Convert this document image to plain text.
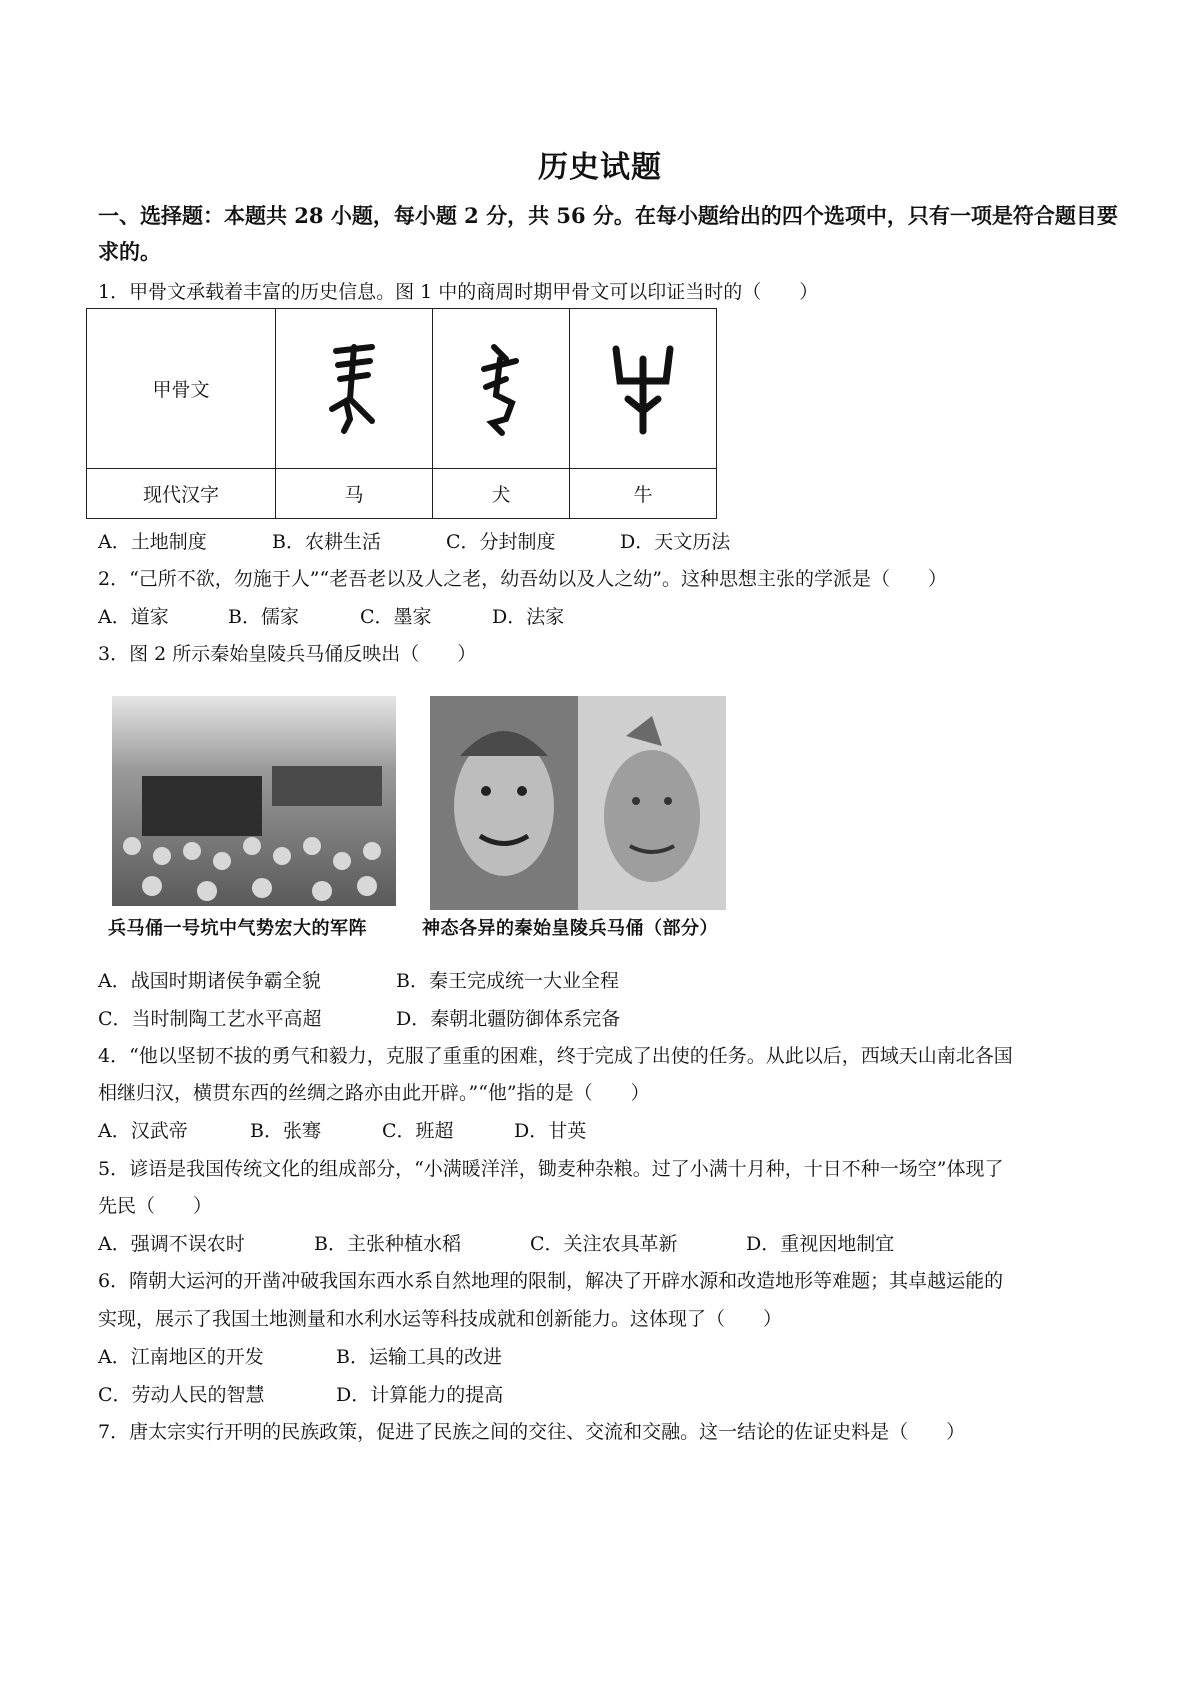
历史试题
一、选择题：本题共 28 小题，每小题 2 分，共 56 分。在每小题给出的四个选项中，只有一项是符合题目要求的。
1．甲骨文承载着丰富的历史信息。图 1 中的商周时期甲骨文可以印证当时的（　　）
甲骨文	

现代汉字	马	犬	牛
A．土地制度	B．农耕生活	C．分封制度	D．天文历法
2．“己所不欲，勿施于人”“老吾老以及人之老，幼吾幼以及人之幼”。这种思想主张的学派是（　　）
A．道家	B．儒家	C．墨家	D．法家
3．图 2 所示秦始皇陵兵马俑反映出（　　）
兵马俑一号坑中气势宏大的军阵	神态各异的秦始皇陵兵马俑（部分）
A．战国时期诸侯争霸全貌	B．秦王完成统一大业全程
C．当时制陶工艺水平高超	D．秦朝北疆防御体系完备
4．“他以坚韧不拔的勇气和毅力，克服了重重的困难，终于完成了出使的任务。从此以后，西域天山南北各国
相继归汉，横贯东西的丝绸之路亦由此开辟。”“他”指的是（　　）
A．汉武帝	B．张骞	C．班超	D．甘英
5．谚语是我国传统文化的组成部分，“小满暖洋洋，锄麦种杂粮。过了小满十月种，十日不种一场空”体现了
先民（　　）
A．强调不误农时	B．主张种植水稻	C．关注农具革新	D．重视因地制宜
6．隋朝大运河的开凿冲破我国东西水系自然地理的限制，解决了开辟水源和改造地形等难题；其卓越运能的
实现，展示了我国土地测量和水利水运等科技成就和创新能力。这体现了（　　）
A．江南地区的开发	B．运输工具的改进
C．劳动人民的智慧	D．计算能力的提高
7．唐太宗实行开明的民族政策，促进了民族之间的交往、交流和交融。这一结论的佐证史料是（　　）
